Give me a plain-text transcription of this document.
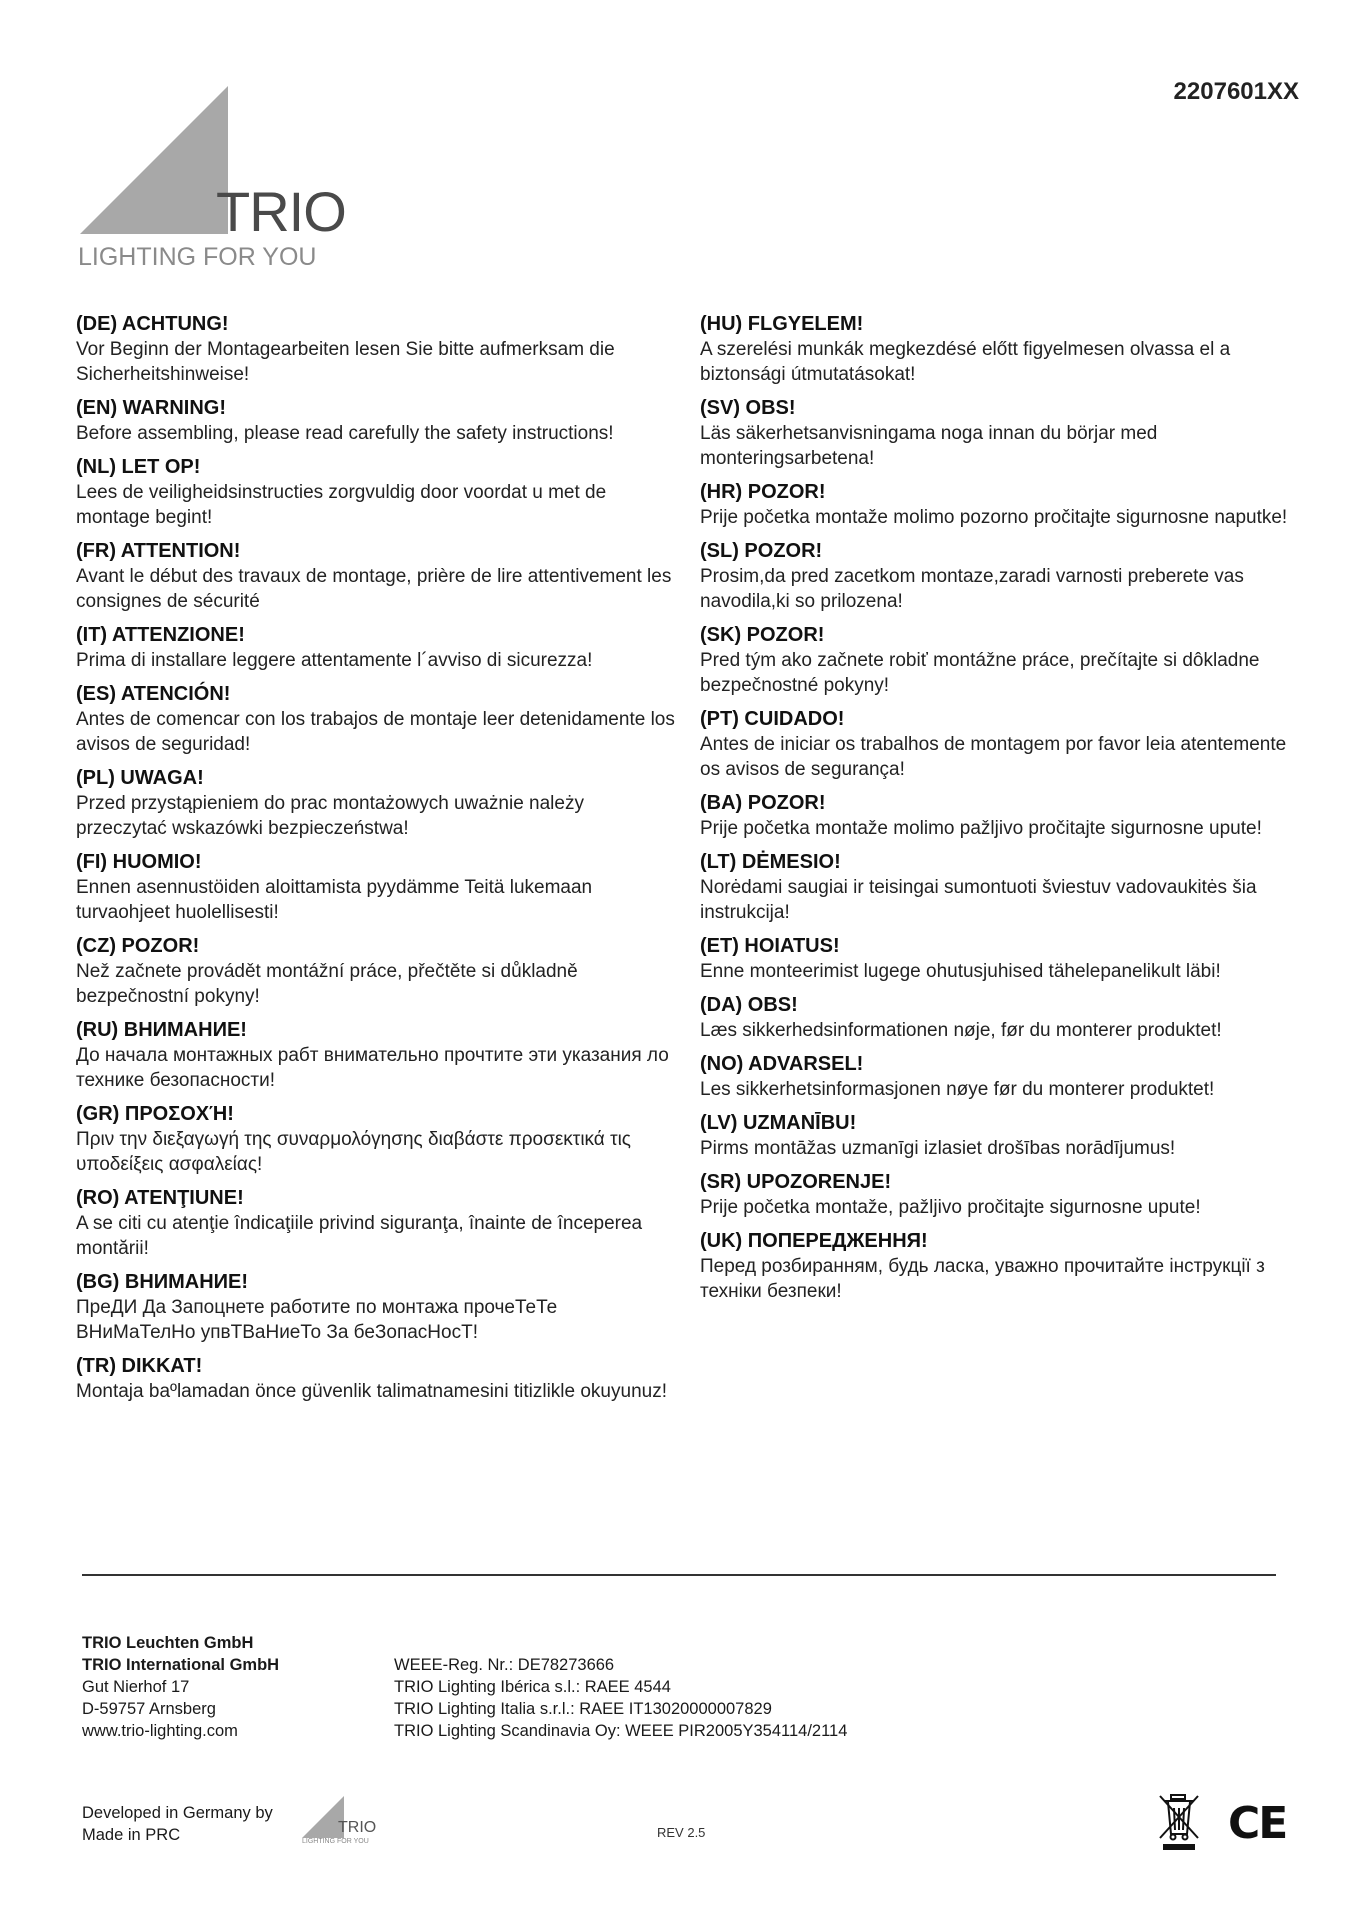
2207601XX
TRIO
LIGHTING FOR YOU
(DE) ACHTUNG!
Vor Beginn der Montagearbeiten lesen Sie bitte aufmerksam die Sicherheitshinweise!
(EN) WARNING!
Before assembling, please read carefully the safety instructions!
(NL) LET OP!
Lees de veiligheidsinstructies zorgvuldig door voordat u met de montage begint!
(FR) ATTENTION!
Avant le début des travaux de montage, prière de lire attentivement les consignes de sécurité
(IT) ATTENZIONE!
Prima di installare leggere attentamente l´avviso di sicurezza!
(ES) ATENCIÓN!
Antes de comencar con los trabajos de montaje leer detenidamente los avisos de seguridad!
(PL) UWAGA!
Przed przystąpieniem do prac montażowych uważnie należy przeczytać wskazówki bezpieczeństwa!
(FI) HUOMIO!
Ennen asennustöiden aloittamista pyydämme Teitä lukemaan turvaohjeet huolellisesti!
(CZ) POZOR!
Než začnete provádět montážní práce, přečtěte si důkladně bezpečnostní pokyny!
(RU) ВНИМАНИЕ!
До начала монтажных рабт внимательно прочтите эти указания ло технике безопасности!
(GR) ΠΡΟΣΟΧΉ!
Πριν την διεξαγωγή της συναρμολόγησης διαβάστε προσεκτικά τις υποδείξεις ασφαλείας!
(RO) ATENŢIUNE!
A se citi cu atenţie îndicaţiile privind siguranţa, înainte de începerea montării!
(BG) ВНИМАНИЕ!
ПреДИ Да Запоцнете работите по монтажа прочеТеТе ВНиМаТелНо упвТВаНиеТо За беЗопасНосТ!
(TR) DIKKAT!
Montaja baºlamadan önce güvenlik talimatnamesini titizlikle okuyunuz!
(HU) FLGYELEM!
A szerelési munkák megkezdésé előtt figyelmesen olvassa el a biztonsági útmutatásokat!
(SV) OBS!
Läs säkerhetsanvisningama noga innan du börjar med monteringsarbetena!
(HR) POZOR!
Prije početka montaže molimo pozorno pročitajte sigurnosne naputke!
(SL) POZOR!
Prosim,da pred zacetkom montaze,zaradi varnosti preberete vas navodila,ki so prilozena!
(SK) POZOR!
Pred tým ako začnete robiť montážne práce, prečítajte si dôkladne bezpečnostné pokyny!
(PT) CUIDADO!
Antes de iniciar os trabalhos de montagem por favor leia atentemente os avisos de segurança!
(BA) POZOR!
Prije početka montaže molimo pažljivo pročitajte sigurnosne upute!
(LT) DĖMESIO!
Norėdami saugiai ir teisingai sumontuoti šviestuv vadovaukitės šia instrukcija!
(ET) HOIATUS!
Enne monteerimist lugege ohutusjuhised tähelepanelikult läbi!
(DA) OBS!
Læs sikkerhedsinformationen nøje, før du monterer produktet!
(NO) ADVARSEL!
Les sikkerhetsinformasjonen nøye før du monterer produktet!
(LV) UZMANĪBU!
Pirms montāžas uzmanīgi izlasiet drošības norādījumus!
(SR) UPOZORENJE!
Prije početka montaže, pažljivo pročitajte sigurnosne upute!
(UK) ПОПЕРЕДЖЕННЯ!
Перед розбиранням, будь ласка, уважно прочитайте інструкції з техніки безпеки!
TRIO Leuchten GmbH
TRIO International GmbH
Gut Nierhof 17
D-59757 Arnsberg
www.trio-lighting.com
WEEE-Reg. Nr.: DE78273666
TRIO Lighting Ibérica s.l.: RAEE 4544
TRIO Lighting Italia s.r.l.: RAEE IT13020000007829
TRIO Lighting Scandinavia Oy: WEEE PIR2005Y354114/2114
Developed in Germany by
Made in PRC	TRIO
LIGHTING FOR YOU
REV 2.5	CE
